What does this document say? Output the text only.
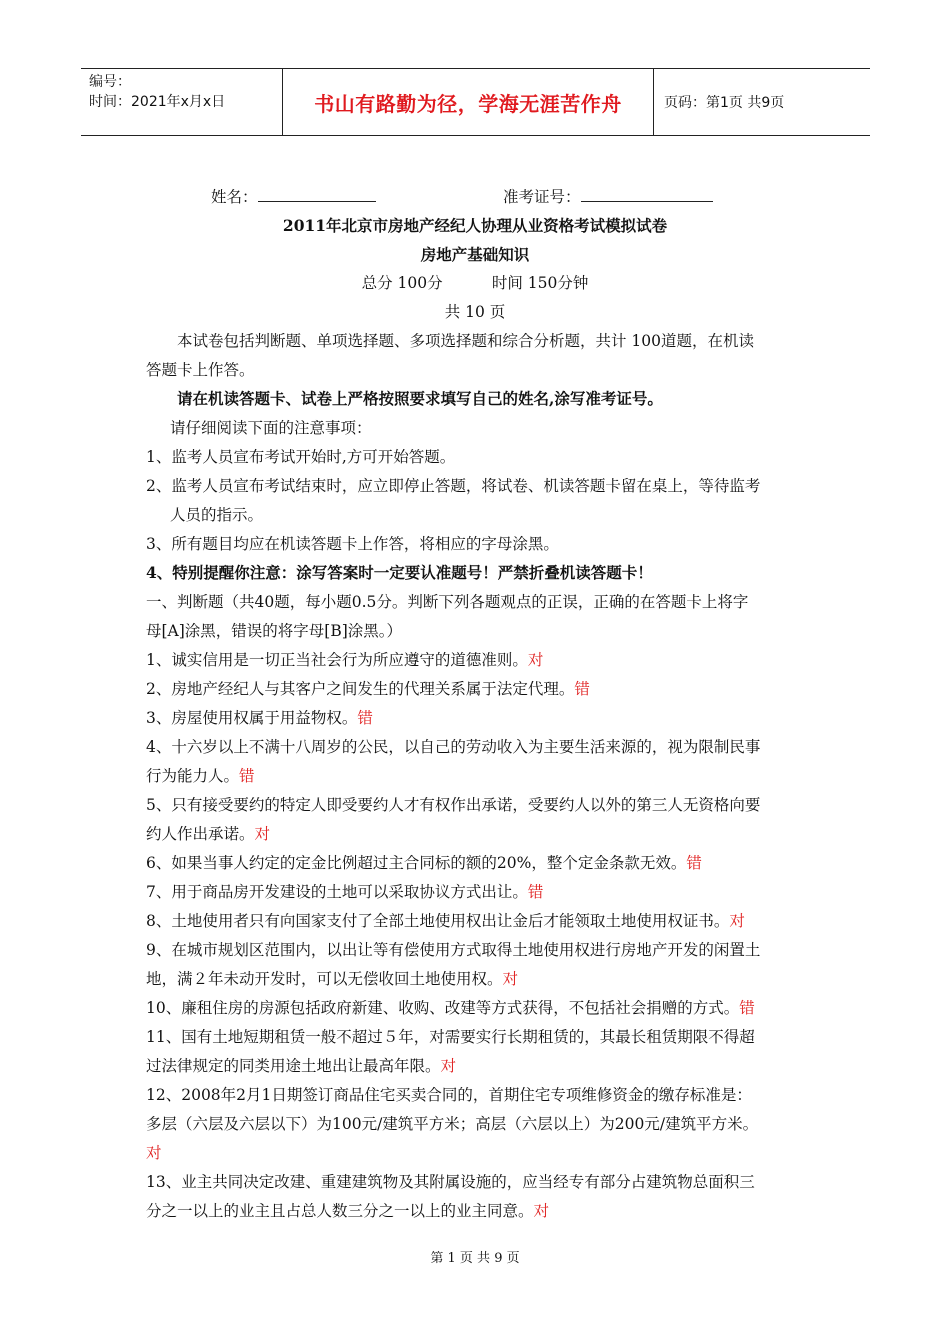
编号：
时间：2021年x月x日	书山有路勤为径，学海无涯苦作舟	页码：第1页 共9页
姓名：	准考证号：
2011年北京市房地产经纪人协理从业资格考试模拟试卷
房地产基础知识
总分 100分          时间 150分钟
共 10 页
本试卷包括判断题、单项选择题、多项选择题和综合分析题，共计 100道题，在机读
答题卡上作答。
请在机读答题卡、试卷上严格按照要求填写自己的姓名,涂写准考证号。
请仔细阅读下面的注意事项：
1、监考人员宣布考试开始时,方可开始答题。
2、监考人员宣布考试结束时，应立即停止答题，将试卷、机读答题卡留在桌上，等待监考
人员的指示。
3、所有题目均应在机读答题卡上作答，将相应的字母涂黑。
4、特别提醒你注意：涂写答案时一定要认准题号！严禁折叠机读答题卡！
一、判断题（共40题，每小题0.5分。判断下列各题观点的正误，正确的在答题卡上将字
母[A]涂黑，错误的将字母[B]涂黑。）
1、诚实信用是一切正当社会行为所应遵守的道德准则。对
2、房地产经纪人与其客户之间发生的代理关系属于法定代理。错
3、房屋使用权属于用益物权。错
4、十六岁以上不满十八周岁的公民，以自己的劳动收入为主要生活来源的，视为限制民事
行为能力人。错
5、只有接受要约的特定人即受要约人才有权作出承诺，受要约人以外的第三人无资格向要
约人作出承诺。对
6、如果当事人约定的定金比例超过主合同标的额的20%，整个定金条款无效。错
7、用于商品房开发建设的土地可以采取协议方式出让。错
8、土地使用者只有向国家支付了全部土地使用权出让金后才能领取土地使用权证书。对
9、在城市规划区范围内，以出让等有偿使用方式取得土地使用权进行房地产开发的闲置土
地，满２年未动开发时，可以无偿收回土地使用权。对
10、廉租住房的房源包括政府新建、收购、改建等方式获得，不包括社会捐赠的方式。错
11、国有土地短期租赁一般不超过５年，对需要实行长期租赁的，其最长租赁期限不得超
过法律规定的同类用途土地出让最高年限。对
12、2008年2月1日期签订商品住宅买卖合同的，首期住宅专项维修资金的缴存标准是：
多层（六层及六层以下）为100元/建筑平方米；高层（六层以上）为200元/建筑平方米。
对
13、业主共同决定改建、重建建筑物及其附属设施的，应当经专有部分占建筑物总面积三
分之一以上的业主且占总人数三分之一以上的业主同意。对
第 1 页 共 9 页
